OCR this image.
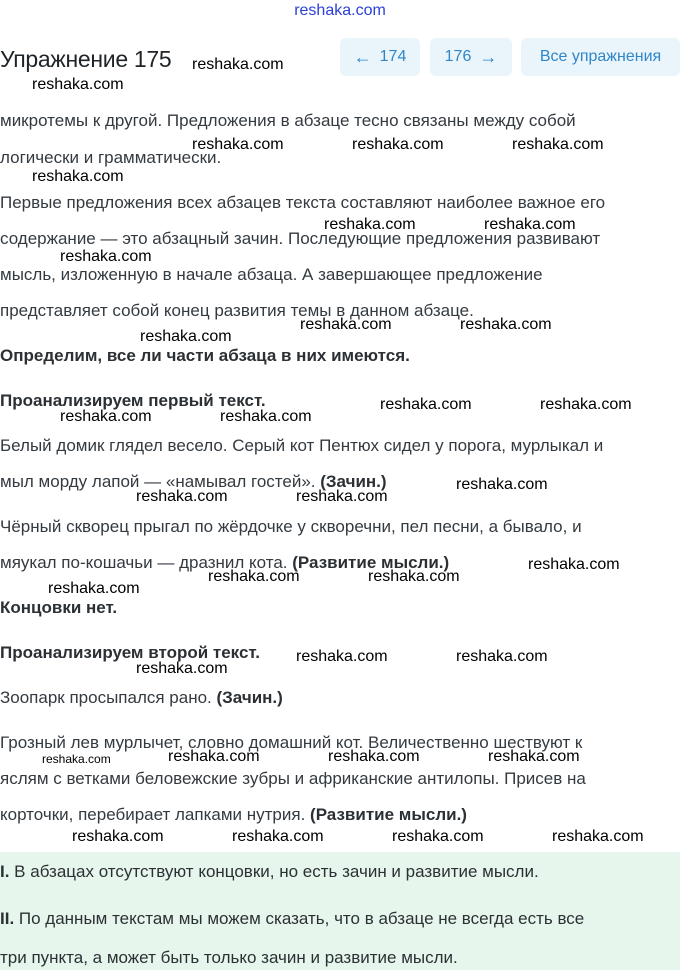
reshaka.com
Упражнение 175	← 174 176 →	Все упражнения
микротемы к другой. Предложения в абзаце тесно связаны между собой
логически и грамматически.
Первые предложения всех абзацев текста составляют наиболее важное его
содержание — это абзацный зачин. Последующие предложения развивают
мысль, изложенную в начале абзаца. А завершающее предложение
представляет собой конец развития темы в данном абзаце.
Определим, все ли части абзаца в них имеются.
Проанализируем первый текст.
Белый домик глядел весело. Серый кот Пентюх сидел у порога, мурлыкал и
мыл морду лапой — «намывал гостей». (Зачин.)
Чёрный скворец прыгал по жёрдочке у скворечни, пел песни, а бывало, и
мяукал по-кошачьи — дразнил кота. (Развитие мысли.)
Концовки нет.
Проанализируем второй текст.
Зоопарк просыпался рано. (Зачин.)
Грозный лев мурлычет, словно домашний кот. Величественно шествуют к
яслям с ветками беловежские зубры и африканские антилопы. Присев на
корточки, перебирает лапками нутрия. (Развитие мысли.)
I. В абзацах отсутствуют концовки, но есть зачин и развитие мысли.
II. По данным текстам мы можем сказать, что в абзаце не всегда есть все
три пункта, а может быть только зачин и развитие мысли.
reshaka.com
reshaka.com
reshaka.com	reshaka.com	reshaka.com
reshaka.com
reshaka.com	reshaka.com
reshaka.com
reshaka.com	reshaka.com
reshaka.com
reshaka.com	reshaka.com
reshaka.com	reshaka.com
reshaka.com
reshaka.com	reshaka.com
reshaka.com
reshaka.com	reshaka.com
reshaka.com
reshaka.com	reshaka.com
reshaka.com
reshaka.com	reshaka.com	reshaka.com	reshaka.com
reshaka.com	reshaka.com	reshaka.com	reshaka.com
